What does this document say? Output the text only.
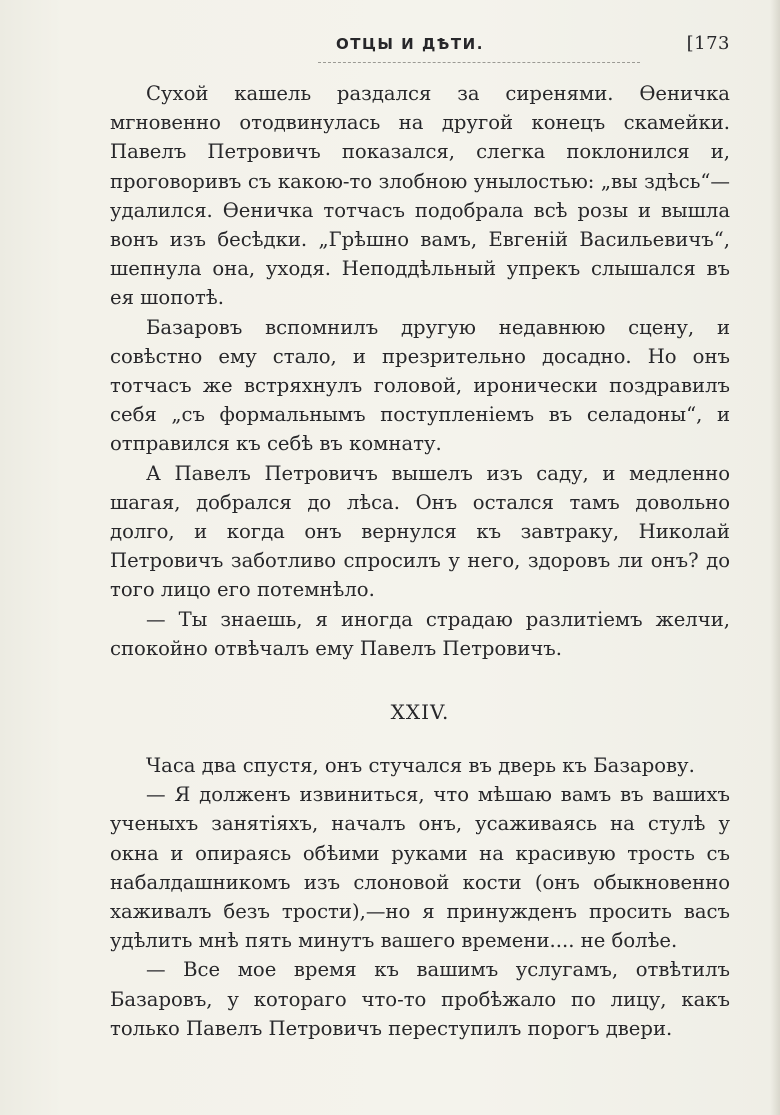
ОТЦЫ И ДѢТИ.	[173

Сухой кашель раздался за сиренями. Өеничка мгновенно отодвинулась на другой конецъ скамейки. Павелъ Петровичъ показался, слегка поклонился и, проговоривъ съ какою-то злобною унылостью: „вы здѣсь“—удалился. Өеничка тотчасъ подобрала всѣ розы и вышла вонъ изъ бесѣдки. „Грѣшно вамъ, Евгеній Васильевичъ“, шепнула она, уходя. Неподдѣльный упрекъ слышался въ ея шопотѣ.

Базаровъ вспомнилъ другую недавнюю сцену, и совѣстно ему стало, и презрительно досадно. Но онъ тотчасъ же встряхнулъ головой, иронически поздравилъ себя „съ формальнымъ поступленіемъ въ селадоны“, и отправился къ себѣ въ комнату.

А Павелъ Петровичъ вышелъ изъ саду, и медленно шагая, добрался до лѣса. Онъ остался тамъ довольно долго, и когда онъ вернулся къ завтраку, Николай Петровичъ заботливо спросилъ у него, здоровъ ли онъ? до того лицо его потемнѣло.

— Ты знаешь, я иногда страдаю разлитіемъ желчи, спокойно отвѣчалъ ему Павелъ Петровичъ.

XXIV.

Часа два спустя, онъ стучался въ дверь къ Базарову.

— Я долженъ извиниться, что мѣшаю вамъ въ вашихъ ученыхъ занятіяхъ, началъ онъ, усаживаясь на стулѣ у окна и опираясь обѣими руками на красивую трость съ набалдашникомъ изъ слоновой кости (онъ обыкновенно хаживалъ безъ трости),—но я принужденъ просить васъ удѣлить мнѣ пять минутъ вашего времени.... не болѣе.

— Все мое время къ вашимъ услугамъ, отвѣтилъ Базаровъ, у котораго что-то пробѣжало по лицу, какъ только Павелъ Петровичъ переступилъ порогъ двери.
